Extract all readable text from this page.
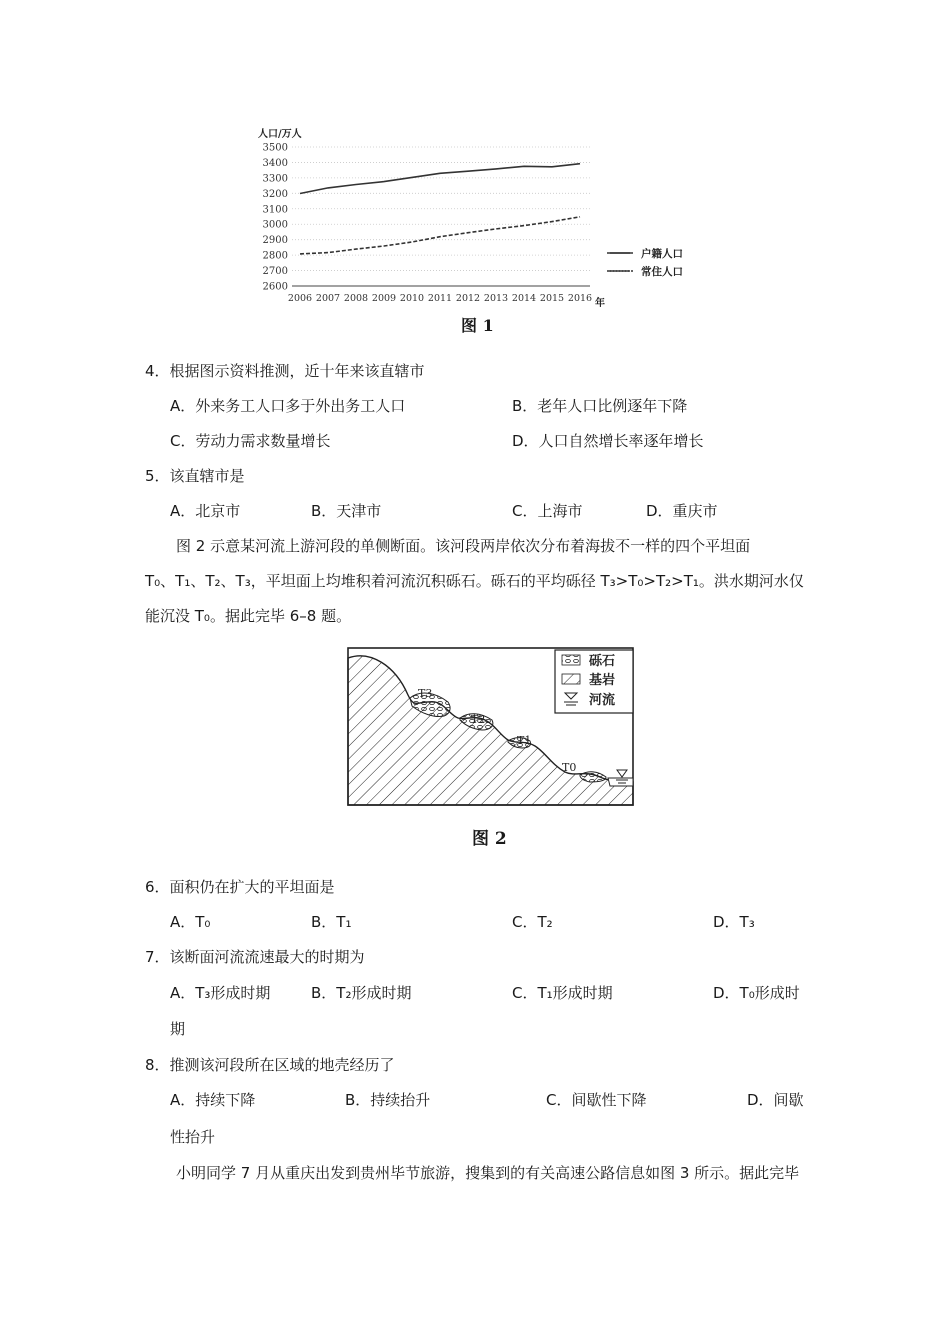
2600
2700
2800
2900
3000
3100
3200
3300
3400
3500
2006 2007 2008 2009 2010 2011 2012 2013 2014 2015 2016
人口/万人
年
户籍人口
常住人口
图 1
4．根据图示资料推测，近十年来该直辖市
A．外来务工人口多于外出务工人口	B．老年人口比例逐年下降
C．劳动力需求数量增长	D．人口自然增长率逐年增长
5．该直辖市是
A．北京市	B．天津市	C．上海市	D．重庆市
图 2 示意某河流上游河段的单侧断面。该河段两岸依次分布着海拔不一样的四个平坦面
T₀、T₁、T₂、T₃，平坦面上均堆积着河流沉积砾石。砾石的平均砾径 T₃>T₀>T₂>T₁。洪水期河水仅
能沉没 T₀。据此完毕 6–8 题。
T3
T2
T1
T0
砾石
基岩
河流
图 2
6．面积仍在扩大的平坦面是
A．T₀	B．T₁	C．T₂	D．T₃
7．该断面河流流速最大的时期为
A．T₃形成时期	B．T₂形成时期	C．T₁形成时期	D．T₀形成时
期
8．推测该河段所在区域的地壳经历了
A．持续下降	B．持续抬升	C．间歇性下降	D．间歇
性抬升
小明同学 7 月从重庆出发到贵州毕节旅游，搜集到的有关高速公路信息如图 3 所示。据此完毕
